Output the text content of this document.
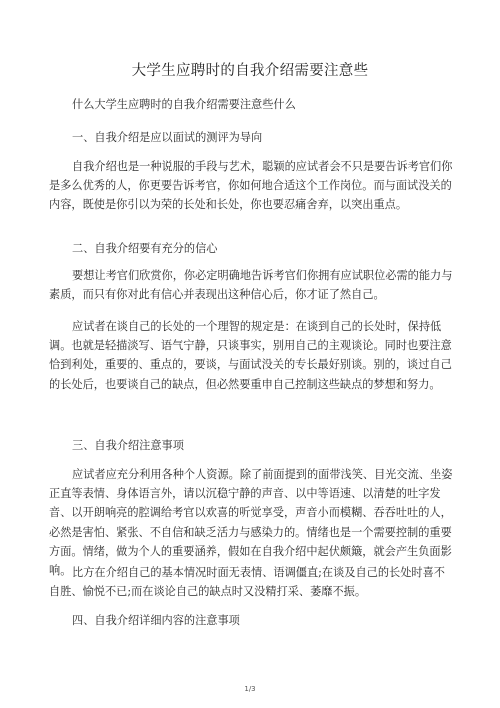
大学生应聘时的自我介绍需要注意些
什么大学生应聘时的自我介绍需要注意些什么
一、自我介绍是应以面试的测评为导向
自我介绍也是一种说服的手段与艺术，聪颖的应试者会不只是要告诉考官们你是多么优秀的人，你更要告诉考官，你如何地合适这个工作岗位。而与面试没关的内容，既使是你引以为荣的长处和长处，你也要忍痛舍弃，以突出重点。
二、自我介绍要有充分的信心
要想让考官们欣赏你，你必定明确地告诉考官们你拥有应试职位必需的能力与素质，而只有你对此有信心并表现出这种信心后，你才证了然自己。
应试者在谈自己的长处的一个理智的规定是：在谈到自己的长处时，保持低调。也就是轻描淡写、语气宁静，只谈事实，别用自己的主观谈论。同时也要注意恰到利处，重要的、重点的，要谈，与面试没关的专长最好别谈。别的，谈过自己的长处后，也要谈自己的缺点，但必然要重申自己控制这些缺点的梦想和努力。
三、自我介绍注意事项
应试者应充分利用各种个人资源。除了前面提到的面带浅笑、目光交流、坐姿正直等表情、身体语言外，请以沉稳宁静的声音、以中等语速、以清楚的吐字发音、以开朗响亮的腔调给考官以欢喜的听觉享受，声音小而模糊、吞吞吐吐的人，必然是害怕、紧张、不自信和缺乏活力与感染力的。情绪也是一个需要控制的重要方面。情绪，做为个人的重要涵养，假如在自我介绍中起伏颇簸，就会产生负面影响。 比方在介绍自己的基本情况时面无表情、语调僵直;在谈及自己的长处时喜不自胜、愉悦不已;而在谈论自己的缺点时又没精打采、萎靡不振。
四、自我介绍详细内容的注意事项
1/3
